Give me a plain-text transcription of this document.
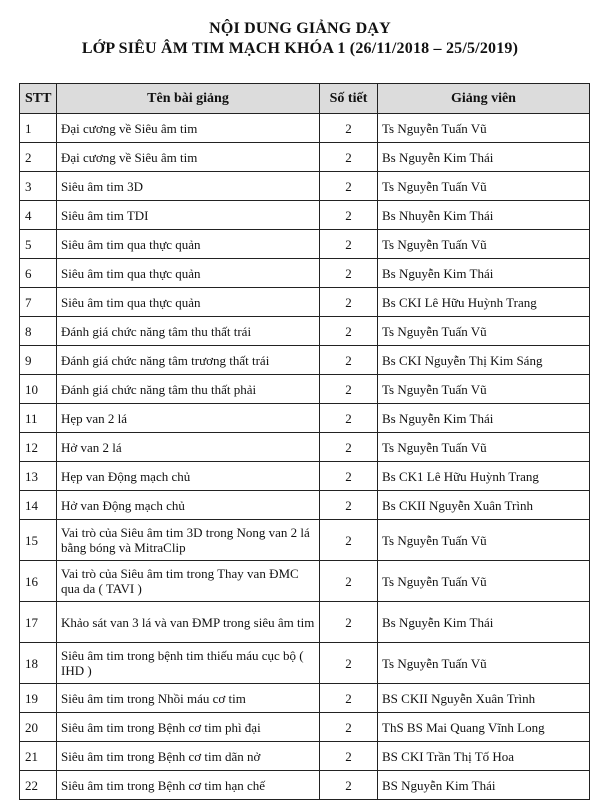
NỘI DUNG GIẢNG DẠY
LỚP SIÊU ÂM TIM MẠCH KHÓA 1 (26/11/2018 – 25/5/2019)
STT	Tên bài giảng	Số tiết	Giảng viên
1	Đại cương về Siêu âm tim	2	Ts Nguyễn Tuấn Vũ
2	Đại cương về Siêu âm tim	2	Bs Nguyễn Kim Thái
3	Siêu âm tim 3D	2	Ts Nguyễn Tuấn Vũ
4	Siêu âm tim TDI	2	Bs Nhuyễn Kim Thái
5	Siêu âm tim qua thực quản	2	Ts Nguyễn Tuấn Vũ
6	Siêu âm tim qua thực quản	2	Bs Nguyễn Kim Thái
7	Siêu âm tim qua thực quản	2	Bs CKI Lê Hữu Huỳnh Trang
8	Đánh giá chức năng tâm thu thất trái	2	Ts Nguyễn Tuấn Vũ
9	Đánh giá chức năng tâm trương thất trái	2	Bs CKI Nguyễn Thị Kim Sáng
10	Đánh giá chức năng tâm thu thất phải	2	Ts Nguyễn Tuấn Vũ
11	Hẹp van 2 lá	2	Bs Nguyễn Kim Thái
12	Hở van 2 lá	2	Ts Nguyễn Tuấn Vũ
13	Hẹp van Động mạch chủ	2	Bs CK1 Lê Hữu Huỳnh Trang
14	Hở van Động mạch chủ	2	Bs CKII Nguyễn Xuân Trình
15	Vai trò của Siêu âm tim 3D trong Nong van 2 lá bằng bóng và MitraClip	2	Ts Nguyễn Tuấn Vũ
16	Vai trò của Siêu âm tim trong Thay van ĐMC qua da ( TAVI )	2	Ts Nguyễn Tuấn Vũ
17	Khảo sát van 3 lá và van ĐMP trong siêu âm tim	2	Bs Nguyễn Kim Thái
18	Siêu âm tim trong bệnh tim thiếu máu cục bộ ( IHD )	2	Ts Nguyễn Tuấn Vũ
19	Siêu âm tim trong Nhồi máu cơ tim	2	BS CKII Nguyễn Xuân Trình
20	Siêu âm tim trong Bệnh cơ tim phì đại	2	ThS BS Mai Quang Vĩnh Long
21	Siêu âm tim trong Bệnh cơ tim dãn nở	2	BS CKI Trần Thị Tố Hoa
22	Siêu âm tim trong Bệnh cơ tim hạn chế	2	BS Nguyễn Kim Thái
